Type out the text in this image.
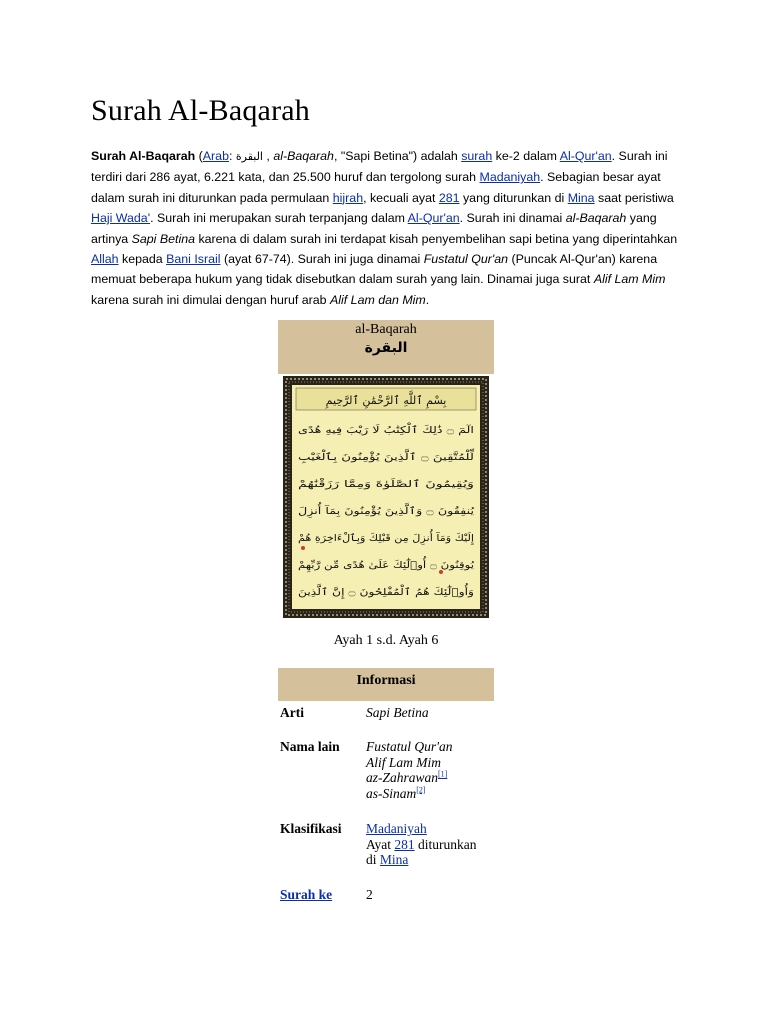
Surah Al-Baqarah

Surah Al-Baqarah (Arab: البقرة , al-Baqarah, "Sapi Betina") adalah surah ke-2 dalam Al-Qur'an. Surah ini terdiri dari 286 ayat, 6.221 kata, dan 25.500 huruf dan tergolong surah Madaniyah. Sebagian besar ayat dalam surah ini diturunkan pada permulaan hijrah, kecuali ayat 281 yang diturunkan di Mina saat peristiwa Haji Wada'. Surah ini merupakan surah terpanjang dalam Al-Qur'an. Surah ini dinamai al-Baqarah yang artinya Sapi Betina karena di dalam surah ini terdapat kisah penyembelihan sapi betina yang diperintahkan Allah kepada Bani Israil (ayat 67-74). Surah ini juga dinamai Fustatul Qur'an (Puncak Al-Qur'an) karena memuat beberapa hukum yang tidak disebutkan dalam surah yang lain. Dinamai juga surat Alif Lam Mim karena surah ini dimulai dengan huruf arab Alif Lam dan Mim.

al-Baqarah
البقرة
بِسْمِ ٱللَّهِ ٱلرَّحْمَٰنِ ٱلرَّحِيمِ
الٓمٓ ۝ ذَٰلِكَ ٱلْكِتَٰبُ لَا رَيْبَ فِيهِ هُدًى
لِّلْمُتَّقِينَ ۝ ٱلَّذِينَ يُؤْمِنُونَ بِٱلْغَيْبِ
وَيُقِيمُونَ ٱلصَّلَوٰةَ وَمِمَّا رَزَقْنَٰهُمْ
يُنفِقُونَ ۝ وَٱلَّذِينَ يُؤْمِنُونَ بِمَآ أُنزِلَ
إِلَيْكَ وَمَآ أُنزِلَ مِن قَبْلِكَ وَبِٱلْءَاخِرَةِ هُمْ
يُوقِنُونَ ۝ أُو۟لَٰٓئِكَ عَلَىٰ هُدًى مِّن رَّبِّهِمْ
وَأُو۟لَٰٓئِكَ هُمُ ٱلْمُفْلِحُونَ ۝ إِنَّ ٱلَّذِينَ
Ayah 1 s.d. Ayah 6
Informasi
Arti	Sapi Betina
Nama lain Fustatul Qur'an
Alif Lam Mim
az-Zahrawan[1]
as-Sinam[2]
Klasifikasi Madaniyah
Ayat 281 diturunkan
di Mina
Surah ke	2
